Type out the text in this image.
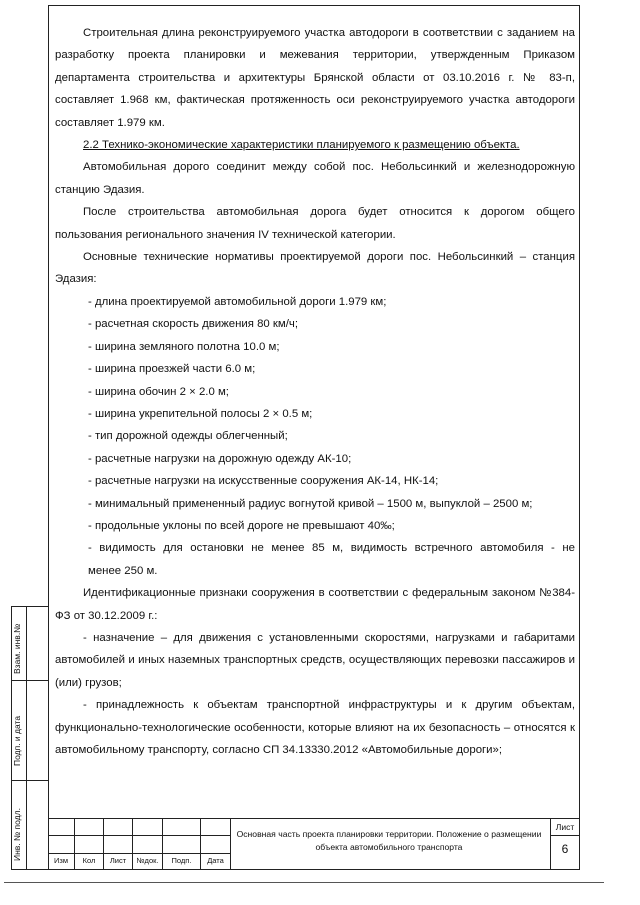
Строительная длина реконструируемого участка автодороги в соответствии с заданием на разработку проекта планировки и межевания территории, утвержденным Приказом департамента строительства и архитектуры Брянской области от 03.10.2016 г. № 83-п, составляет 1.968 км, фактическая протяженность оси реконструируемого участка автодороги составляет 1.979 км.

2.2 Технико-экономические характеристики планируемого к размещению объекта.

Автомобильная дорого соединит между собой пос. Небольсинкий и железнодорожную станцию Эдазия.

После строительства автомобильная дорога будет относится к дорогом общего пользования регионального значения IV технической категории.

Основные технические нормативы проектируемой дороги пос. Небольсинкий – станция Эдазия:

- длина проектируемой автомобильной дороги 1.979 км;

- расчетная скорость движения 80 км/ч;

- ширина земляного полотна 10.0 м;

- ширина проезжей части 6.0 м;

- ширина обочин 2 × 2.0 м;

- ширина укрепительной полосы 2 × 0.5 м;

- тип дорожной одежды облегченный;

- расчетные нагрузки на дорожную одежду АК-10;

- расчетные нагрузки на искусственные сооружения АК-14, НК-14;

- минимальный примененный радиус вогнутой кривой – 1500 м, выпуклой – 2500 м;

- продольные уклоны по всей дороге не превышают 40‰;

- видимость для остановки не менее 85 м, видимость встречного автомобиля - не

менее 250 м.

Идентификационные признаки сооружения в соответствии с федеральным законом №384-ФЗ от 30.12.2009 г.:

- назначение – для движения с установленными скоростями, нагрузками и габаритами автомобилей и иных наземных транспортных средств, осуществляющих перевозки пассажиров и (или) грузов;

- принадлежность к объектам транспортной инфраструктуры и к другим объектам, функционально-технологические особенности, которые влияют на их безопасность – относятся к автомобильному транспорту, согласно СП 34.13330.2012 «Автомобильные дороги»;

Взам. инв.№
Подп. и дата
Инв. № подл.	Изм	Кол	Лист	№док.	Подп.	Дата
Основная часть проекта планировки территории. Положение о размещении объекта автомобильного транспорта
Лист
6
